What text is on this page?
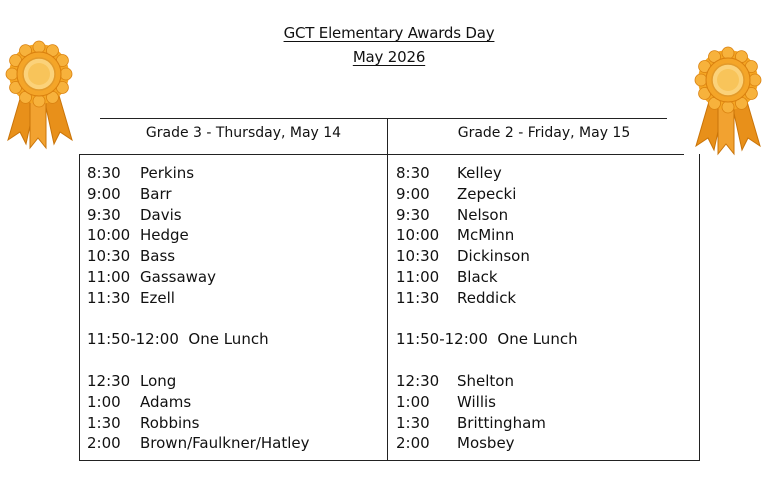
GCT Elementary Awards Day
May 2026
Grade 3 - Thursday, May 14	Grade 2 - Friday, May 15
8:30 Perkins
9:00 Barr
9:30 Davis
10:00 Hedge
10:30 Bass
11:00 Gassaway
11:30 Ezell
11:50-12:00  One Lunch
12:30 Long
1:00 Adams
1:30 Robbins
2:00 Brown/Faulkner/Hatley
8:30 Kelley
9:00 Zepecki
9:30 Nelson
10:00 McMinn
10:30 Dickinson
11:00 Black
11:30 Reddick
11:50-12:00  One Lunch
12:30 Shelton
1:00 Willis
1:30 Brittingham
2:00 Mosbey
